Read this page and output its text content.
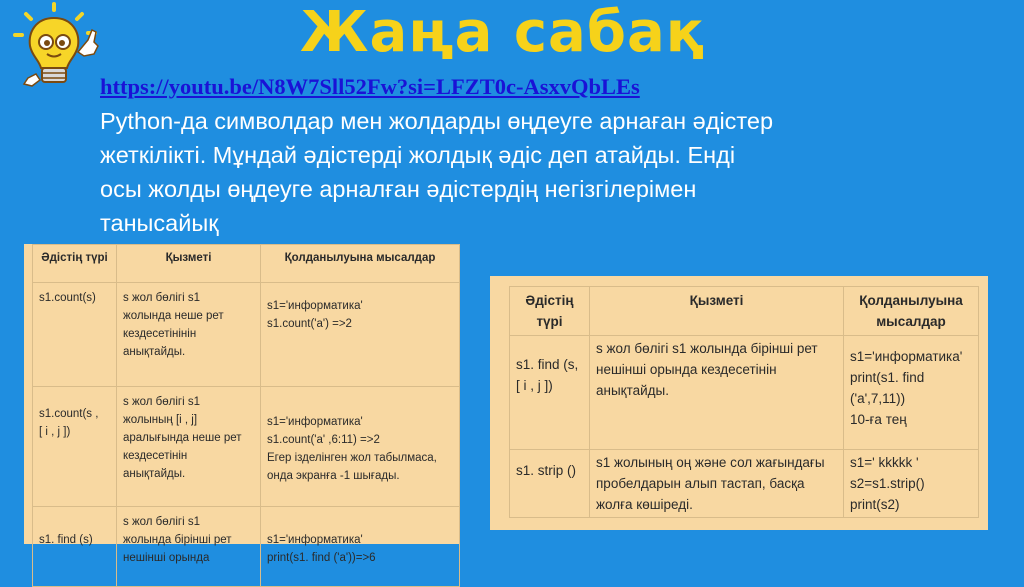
Жаңа сабақ
https://youtu.be/N8W7Sll52Fw?si=LFZT0c-AsxvQbLEs
Python-да символдар мен жолдарды өңдеуге арнаған әдістер
жеткілікті. Мұндай әдістерді жолдық әдіс деп атайды. Енді
осы жолды өңдеуге арналған әдістердің негізгілерімен
танысайық
Әдістің түрі	Қызметі	Қолданылуына мысалдар
s1.count(s)	s жол бөлігі s1
жолында неше рет
кездесетінінін
анықтайды.	s1='информатика'
s1.count('a') =>2

s1.count(s ,
[ i , j ])	s жол бөлігі s1
жолының [i , j]
аралығында неше рет
кездесетінін
анықтайды.	s1='информатика'
s1.count('a' ,6:11) =>2
Егер ізделінген жол табылмаса,
онда экранға -1 шығады.

s1. find (s)	s жол бөлігі s1
жолында бірінші рет
нешінші орында	s1='информатика'
print(s1. find ('a'))=>6
Әдістің түрі	Қызметі	Қолданылуына мысалдар

s1. find (s,
[ i , j ])	s жол бөлігі s1 жолында бірінші рет
нешінші орында кездесетінін
анықтайды.	s1='информатика'
print(s1. find
('a',7,11))
10-ға тең

s1. strip ()	s1 жолының оң және сол жағындағы
пробелдарын алып тастап, басқа
жолға көшіреді.	s1=' kkkkk '
s2=s1.strip()
print(s2)
